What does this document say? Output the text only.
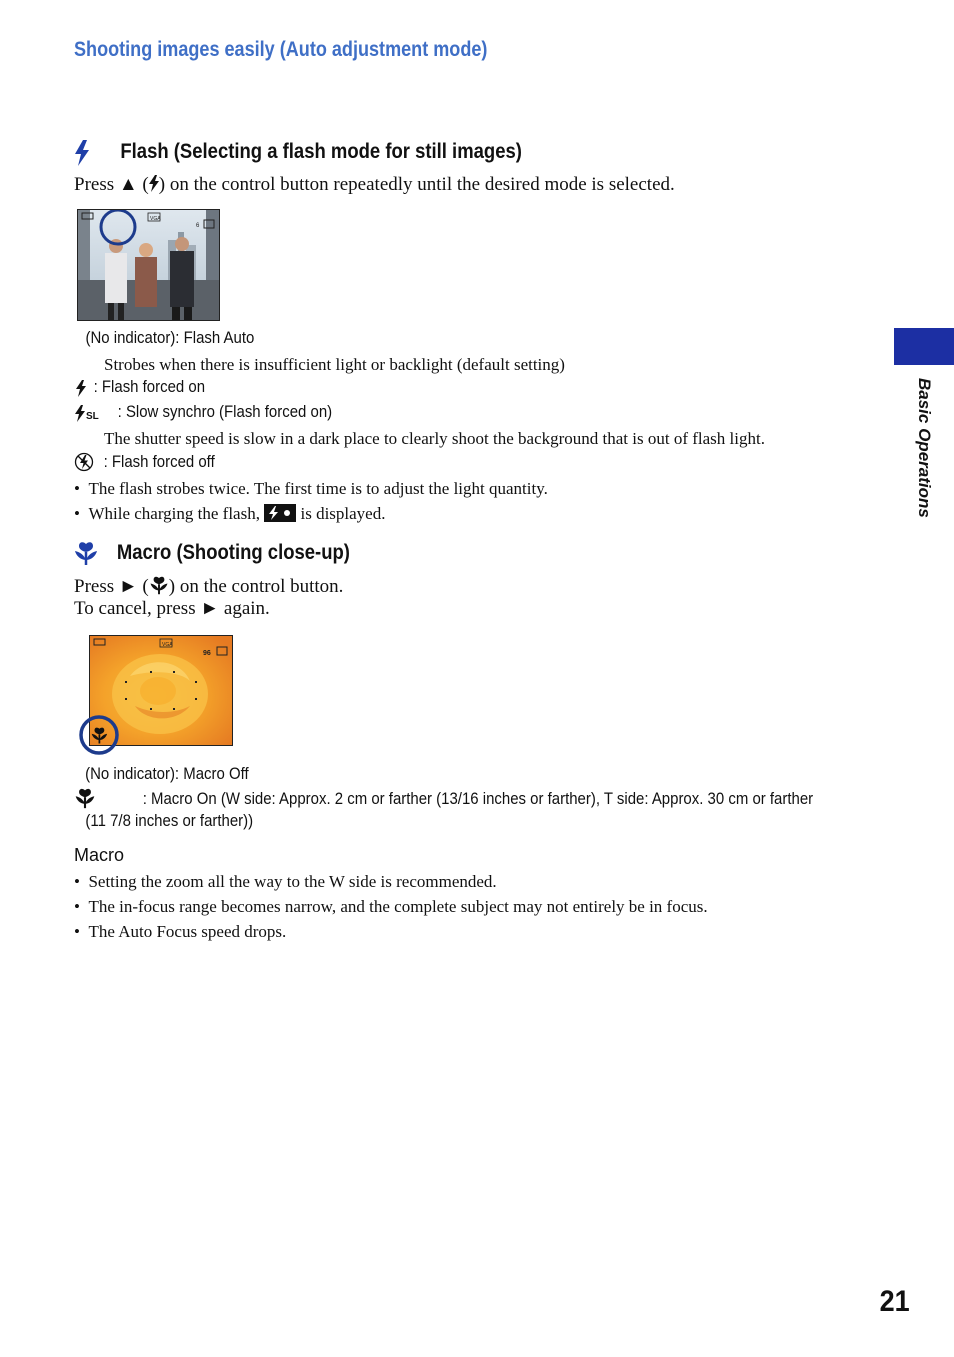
Shooting images easily (Auto adjustment mode)
Basic Operations
Flash (Selecting a flash mode for still images)
Press ▲ ( ) on the control button repeatedly until the desired mode is selected.
VGA
6
(No indicator): Flash Auto
Strobes when there is insufficient light or backlight (default setting)
: Flash forced on
SL : Slow synchro (Flash forced on)
The shutter speed is slow in a dark place to clearly shoot the background that is out of flash light.
: Flash forced off
•  The flash strobes twice. The first time is to adjust the light quantity.
•  While charging the flash, is displayed.
Macro (Shooting close-up)
Press ► ( ) on the control button.
To cancel, press ► again.
VGA
96
(No indicator): Macro Off
: Macro On (W side: Approx. 2 cm or farther (13/16 inches or farther), T side: Approx. 30 cm or farther
(11 7/8 inches or farther))
Macro
•  Setting the zoom all the way to the W side is recommended.
•  The in-focus range becomes narrow, and the complete subject may not entirely be in focus.
•  The Auto Focus speed drops.
21
